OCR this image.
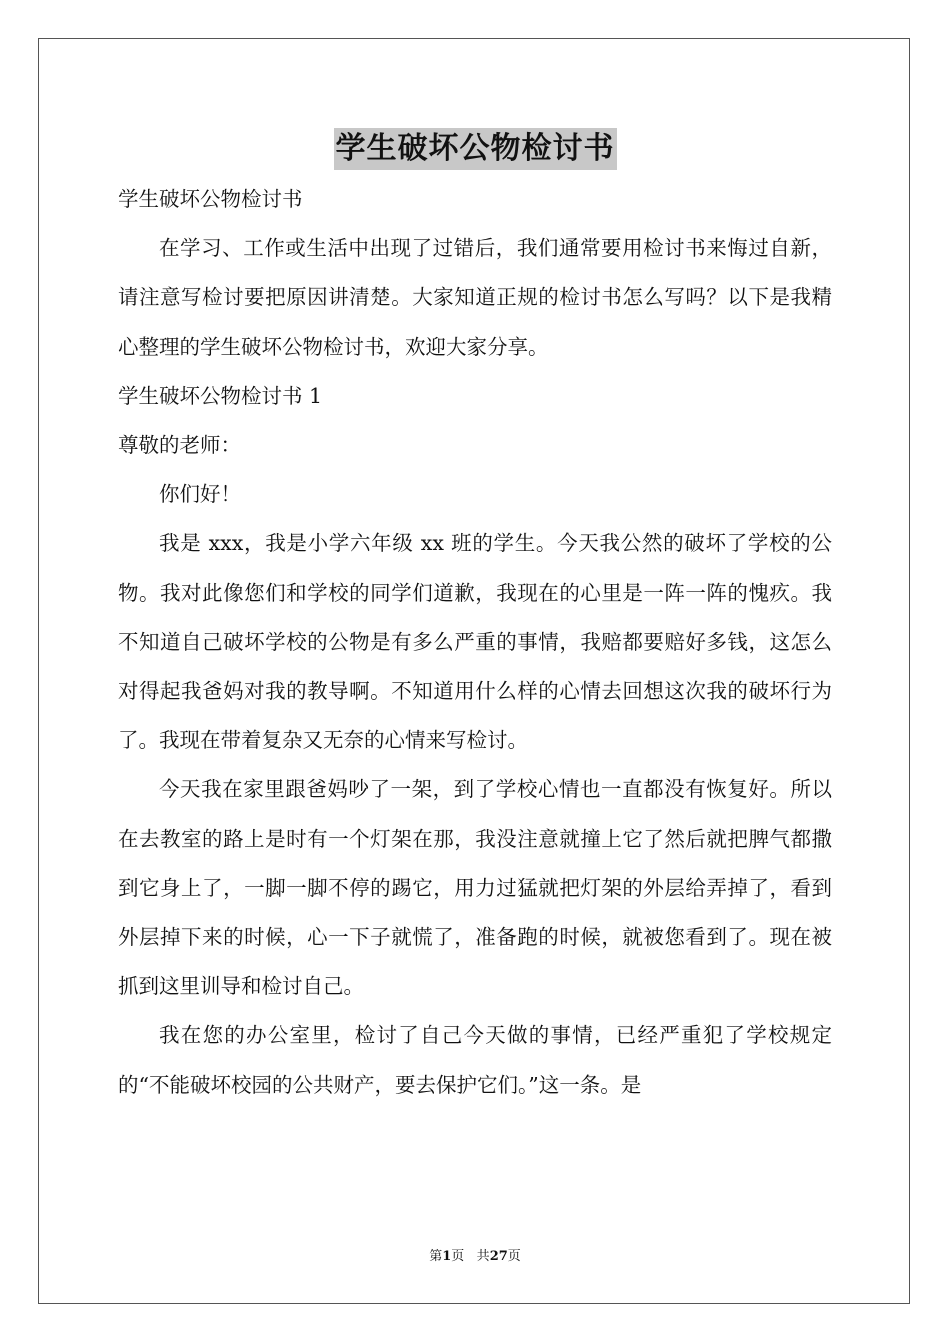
学生破坏公物检讨书

学生破坏公物检讨书

在学习、工作或生活中出现了过错后，我们通常要用检讨书来悔过自新，请注意写检讨要把原因讲清楚。大家知道正规的检讨书怎么写吗？以下是我精心整理的学生破坏公物检讨书，欢迎大家分享。

学生破坏公物检讨书 1

尊敬的老师：

你们好！

我是 xxx，我是小学六年级 xx 班的学生。今天我公然的破坏了学校的公物。我对此像您们和学校的同学们道歉，我现在的心里是一阵一阵的愧疚。我不知道自己破坏学校的公物是有多么严重的事情，我赔都要赔好多钱，这怎么对得起我爸妈对我的教导啊。不知道用什么样的心情去回想这次我的破坏行为了。我现在带着复杂又无奈的心情来写检讨。

今天我在家里跟爸妈吵了一架，到了学校心情也一直都没有恢复好。所以在去教室的路上是时有一个灯架在那，我没注意就撞上它了然后就把脾气都撒到它身上了，一脚一脚不停的踢它，用力过猛就把灯架的外层给弄掉了，看到外层掉下来的时候，心一下子就慌了，准备跑的时候，就被您看到了。现在被抓到这里训导和检讨自己。

我在您的办公室里，检讨了自己今天做的事情，已经严重犯了学校规定的“不能破坏校园的公共财产，要去保护它们。”这一条。是

第1页 共27页
